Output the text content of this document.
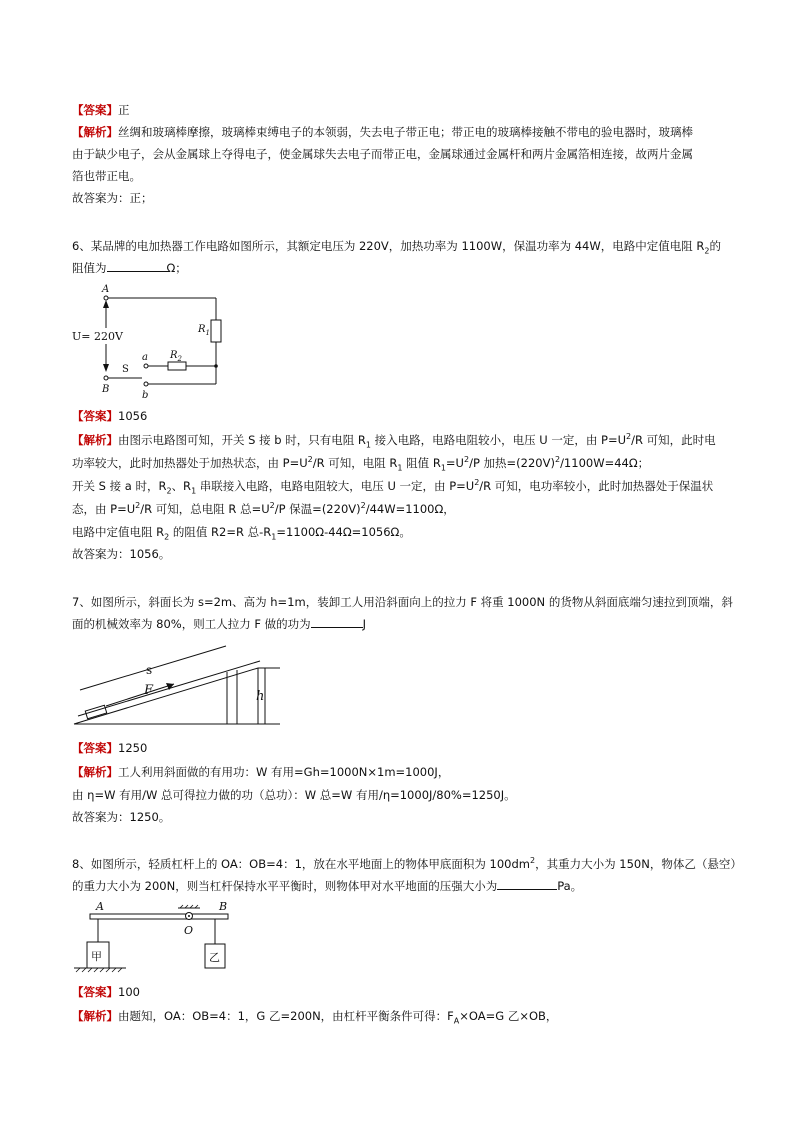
【答案】正
【解析】丝绸和玻璃棒摩擦，玻璃棒束缚电子的本领弱，失去电子带正电；带正电的玻璃棒接触不带电的验电器时，玻璃棒
由于缺少电子，会从金属球上夺得电子，使金属球失去电子而带正电，金属球通过金属杆和两片金属箔相连接，故两片金属
箔也带正电。
故答案为：正；
6、某品牌的电加热器工作电路如图所示，其额定电压为 220V，加热功率为 1100W，保温功率为 44W，电路中定值电阻 $R_2$的
阻值为	Ω；
A
B
U= 220V
$R_1$
$R_2$
S
a
b
【答案】1056
【解析】由图示电路图可知，开关 S 接 b 时，只有电阻 $R_1$ 接入电路，电路电阻较小，电压 U 一定，由 $P=U^2/R$ 可知，此时电
功率较大，此时加热器处于加热状态，由 $P=U^2/R$ 可知，电阻 $R_1$ 阻值 $R_1=U^2/P$ 加热$=(220V)^2/1100W=44\Omega$；
开关 S 接 a 时，$R_2$、$R_1$ 串联接入电路，电路电阻较大，电压 U 一定，由 $P=U^2/R$ 可知，电功率较小，此时加热器处于保温状
态，由 $P=U^2/R$ 可知，总电阻 R 总$=U^2/P$ 保温$=(220V)^2/44W=1100\Omega$，
电路中定值电阻 $R_2$ 的阻值 R2=R 总$-R_1=1100\Omega-44\Omega=1056\Omega$。
故答案为：1056。
7、如图所示，斜面长为 s=2m、高为 h=1m，装卸工人用沿斜面向上的拉力 F 将重 1000N 的货物从斜面底端匀速拉到顶端，斜
面的机械效率为 80%，则工人拉力 F 做的功为	J
s
F	h
【答案】1250
【解析】工人利用斜面做的有用功：W 有用=Gh=1000N×1m=1000J，
由 η=W 有用/W 总可得拉力做的功（总功）：W 总=W 有用/η=1000J/80%=1250J。
故答案为：1250。
8、如图所示，轻质杠杆上的 OA：OB=4：1，放在水平地面上的物体甲底面积为 $100dm^2$，其重力大小为 150N，物体乙（悬空）
的重力大小为 200N，则当杠杆保持水平平衡时，则物体甲对水平地面的压强大小为	Pa。
A	B
O
甲	乙
【答案】100
【解析】由题知，OA：OB=4：1，G 乙=200N，由杠杆平衡条件可得：$F_A\times OA=G$ 乙×OB，
